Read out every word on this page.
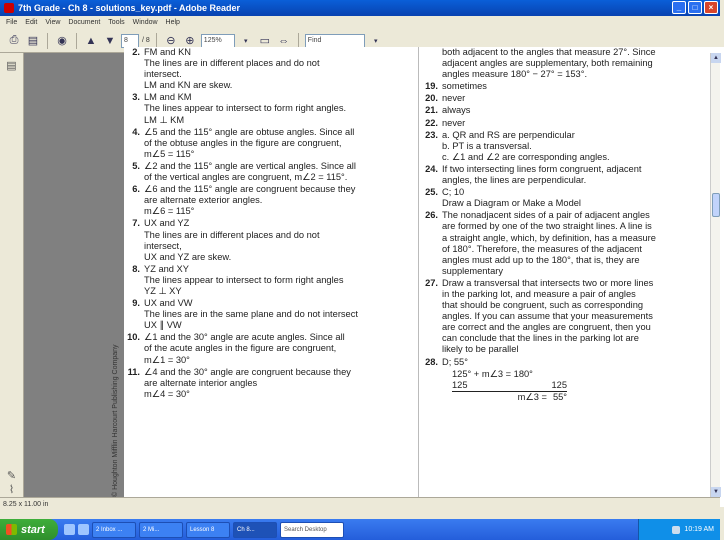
7th Grade - Ch 8 - solutions_key.pdf - Adobe Reader	_	□	×
File Edit View Document Tools Window Help
⎙ ▤ ◉ ▲ ▼	8	/ 8	⊖ ⊕	125%	▾	▭ ⇔	Find	▾
▤
✎
⌇	© Houghton Mifflin Harcourt Publishing Company
2. FM and KN
The lines are in different places and do not
intersect.
LM and KN are skew.
3. LM and KM
The lines appear to intersect to form right angles.
LM ⊥ KM
4. ∠5 and the 115° angle are obtuse angles. Since all
of the obtuse angles in the figure are congruent,
m∠5 = 115°
5. ∠2 and the 115° angle are vertical angles. Since all
of the vertical angles are congruent, m∠2 = 115°.
6. ∠6 and the 115° angle are congruent because they
are alternate exterior angles.
m∠6 = 115°
7. UX and YZ
The lines are in different places and do not
intersect,
UX and YZ are skew.
8. YZ and XY
The lines appear to intersect to form right angles
YZ ⊥ XY
9. UX and VW
The lines are in the same plane and do not intersect
UX ∥ VW
10. ∠1 and the 30° angle are acute angles. Since all
of the acute angles in the figure are congruent,
m∠1 = 30°
11. ∠4 and the 30° angle are congruent because they
are alternate interior angles
m∠4 = 30°
both adjacent to the angles that measure 27°. Since
adjacent angles are supplementary, both remaining
angles measure 180° − 27° = 153°.
19. sometimes
20. never
21. always
22. never
23. a. QR and RS are perpendicular
b. PT is a transversal.
c. ∠1 and ∠2 are corresponding angles.
24. If two intersecting lines form congruent, adjacent
angles, the lines are perpendicular.
25. C; 10
Draw a Diagram or Make a Model
26. The nonadjacent sides of a pair of adjacent angles
are formed by one of the two straight lines. A line is
a straight angle, which, by definition, has a measure
of 180°. Therefore, the measures of the adjacent
angles must add up to the 180°, that is, they are
supplementary
27. Draw a transversal that intersects two or more lines
in the parking lot, and measure a pair of angles
that should be congruent, such as corresponding
angles. If you can assume that your measurements
are correct and the angles are congruent, then you
can conclude that the lines in the parking lot are
likely to be parallel
28. D; 55°
125° + m∠3 = 180°
125	125
m∠3 = 55°
▲
▼
8.25 x 11.00 in
start	2 Inbox ...	2 Mi...	Lesson 8	Ch 8...	Search Desktop	10:19 AM
